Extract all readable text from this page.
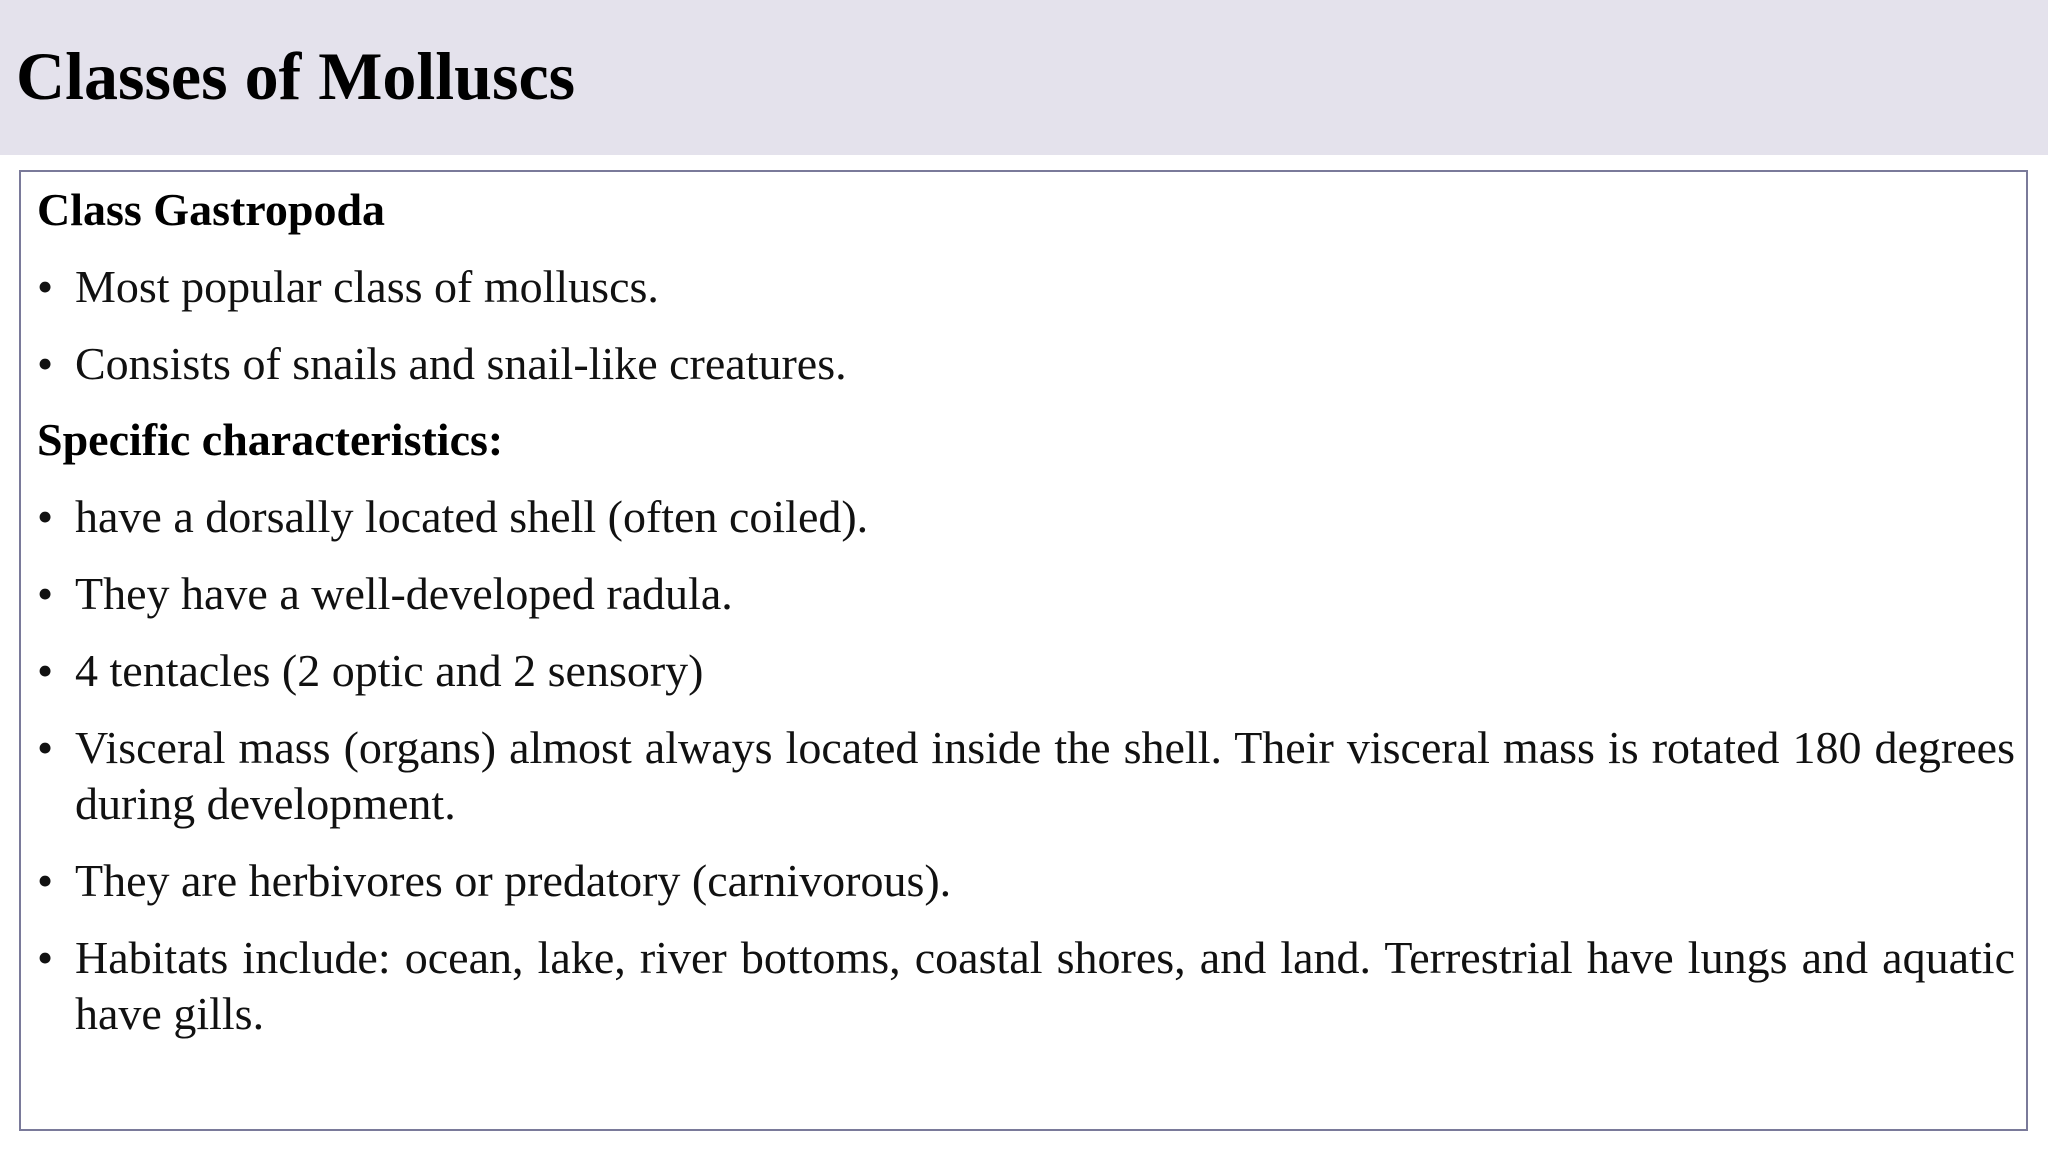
Classes of Molluscs
Class Gastropoda
• Most popular class of molluscs.
• Consists of snails and snail-like creatures.
Specific characteristics:
• have a dorsally located shell (often coiled).
• They have a well-developed radula.
• 4 tentacles (2 optic and 2 sensory)
• Visceral mass (organs) almost always located inside the shell. Their visceral mass is rotated 180 degrees during development.
• They are herbivores or predatory (carnivorous).
• Habitats include: ocean, lake, river bottoms, coastal shores, and land. Terrestrial have lungs and aquatic have gills.
